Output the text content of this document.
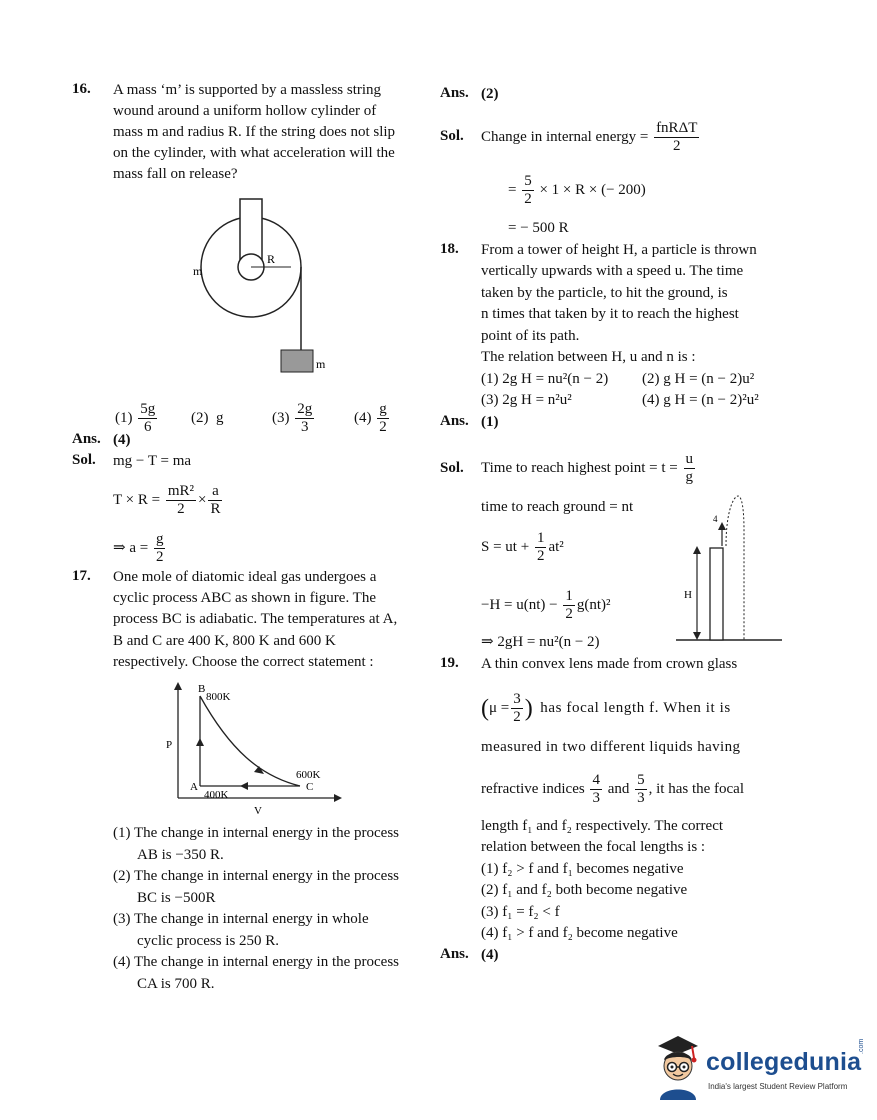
16. A mass ‘m’ is supported by a massless string
wound around a uniform hollow cylinder of
mass m and radius R. If the string does not slip
on the cylinder, with what acceleration will the
mass fall on release?
m
R
m
$(1) \frac{5g}{6} (2)$ g	$(3) \frac{2g}{3}$	$(4) \frac{g}{2}$
Ans. (4)
Sol. mg − T = ma
$T \times R = \frac{\text{mR²}}{2} \times \frac{a}{R}$
⇒ $a = \frac{g}{2}$
17. One mole of diatomic ideal gas undergoes a
cyclic process ABC as shown in figure. The
process BC is adiabatic. The temperatures at A,
B and C are 400 K, 800 K and 600 K
respectively. Choose the correct statement :
B
800K
P
A
400K
600K
C
V
(1) The change in internal energy in the process
AB is −350 R.
(2) The change in internal energy in the process
BC is −500R
(3) The change in internal energy in whole
cyclic process is 250 R.
(4) The change in internal energy in the process
CA is 700 R.
Ans. (2)
Sol. Change in internal energy = $\frac{\text{fnRΔT}}{2}$
= $\frac{5}{2} \times 1 \times R$ × (− 200)
= − 500 R
18. From a tower of height H, a particle is thrown
vertically upwards with a speed u. The time
taken by the particle, to hit the ground, is
n times that taken by it to reach the highest
point of its path.
The relation between H, u and n is :
(1) 2g H = nu²(n − 2) (2) g H = (n − 2)u²
(3) 2g H = n²u²	(4) g H = (n − 2)²u²
Ans. (1)
Sol. Time to reach highest point = $t = \frac{u}{g}$
time to reach ground = nt
S = ut + $\frac{1}{2} at^2$
$-H = u(nt) - \frac{1}{2} g(nt)^2$
⇒ 2gH = nu²(n − 2)
H
4
19. A thin convex lens made from crown glass
($\mu = \frac{3}{2}$ ) has focal length f. When it is
measured in two different liquids having
refractive indices $\frac{4}{3}$ and $\frac{5}{3}$ , it has the focal
length f₁ and f₂ respectively. The correct
relation between the focal lengths is :
(1) f₂ > f and f₁ becomes negative
(2) f₁ and f₂ both become negative
(3) f₁ = f₂ < f
(4) f₁ > f and f₂ become negative
Ans. (4)
collegedunia
.com
India's largest Student Review Platform
